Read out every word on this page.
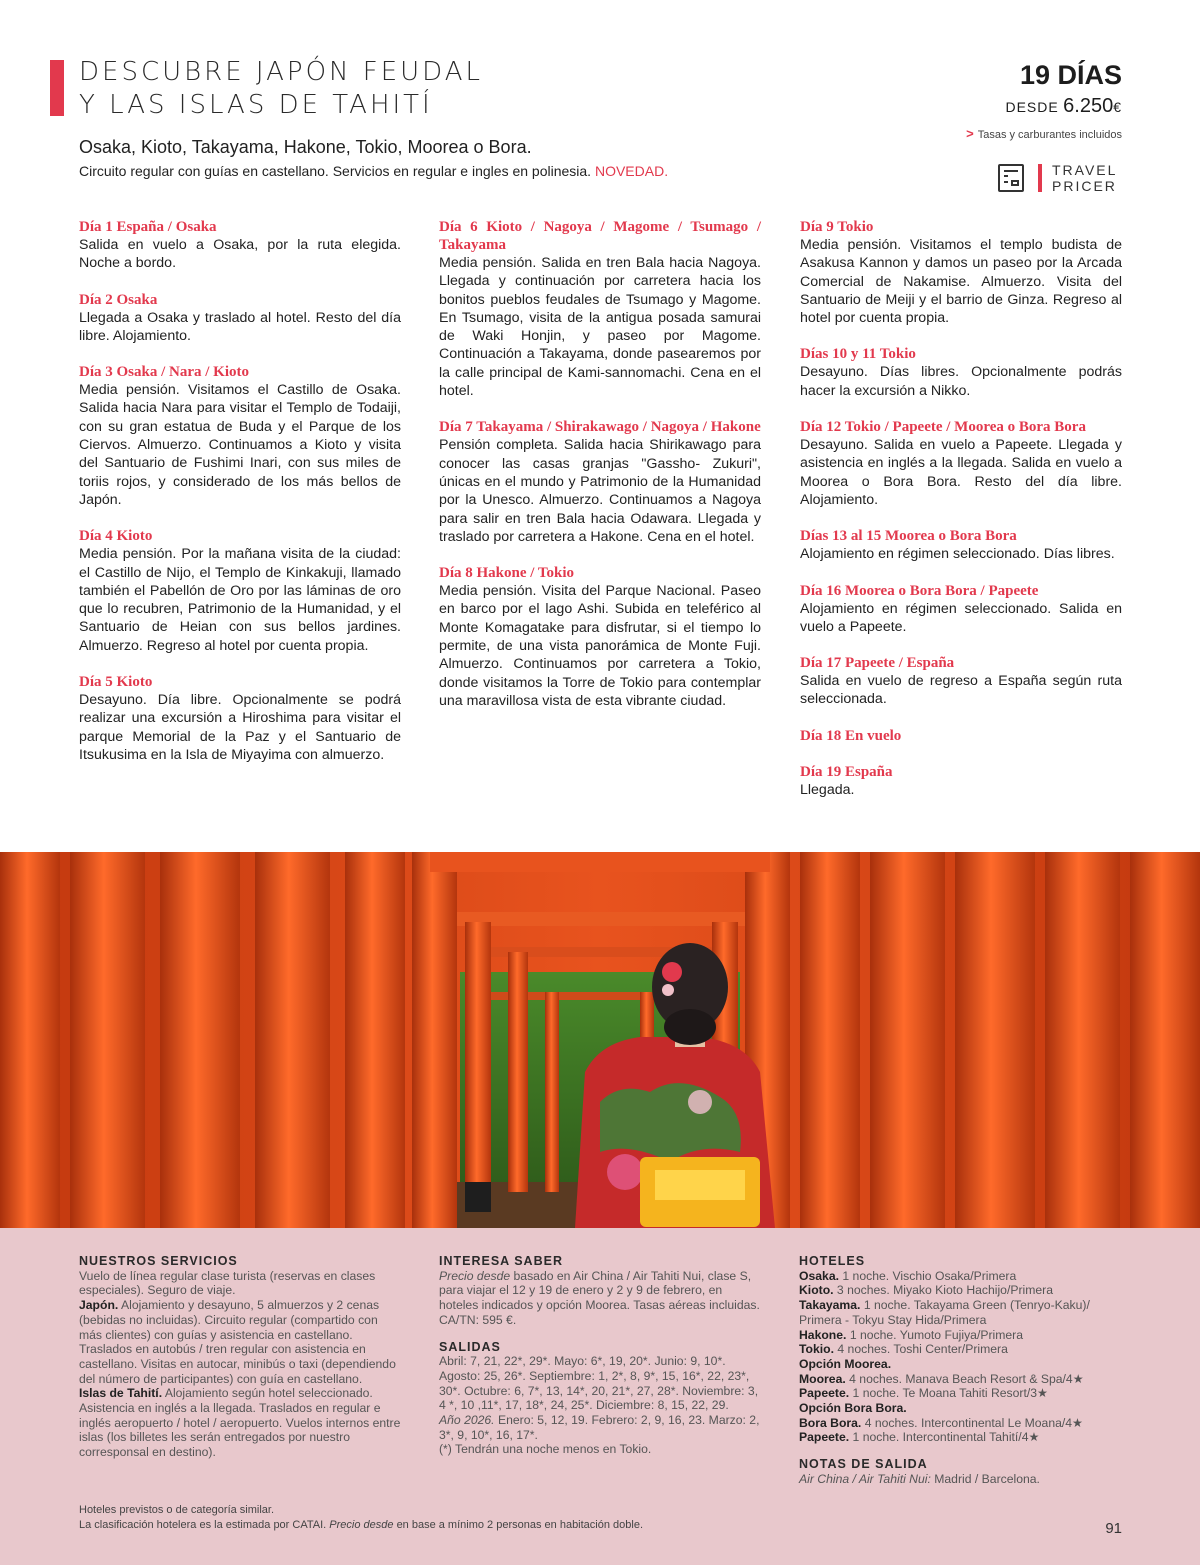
DESCUBRE JAPÓN FEUDAL
Y LAS ISLAS DE TAHITÍ
Osaka, Kioto, Takayama, Hakone, Tokio, Moorea o Bora.
Circuito regular con guías en castellano. Servicios en regular e ingles en polinesia. NOVEDAD.
19 DÍAS
DESDE 6.250€
> Tasas y carburantes incluidos
TRAVEL
PRICER
Día 1 España / Osaka

Salida en vuelo a Osaka, por la ruta elegida. Noche a bordo.

Día 2 Osaka

Llegada a Osaka y traslado al hotel. Resto del día libre. Alojamiento.

Día 3 Osaka / Nara / Kioto

Media pensión. Visitamos el Castillo de Osaka. Salida hacia Nara para visitar el Templo de Todaiji, con su gran estatua de Buda y el Parque de los Ciervos. Almuerzo. Continuamos a Kioto y visita del Santuario de Fushimi Inari, con sus miles de toriis rojos, y considerado de los más bellos de Japón.

Día 4 Kioto

Media pensión. Por la mañana visita de la ciudad: el Castillo de Nijo, el Templo de Kinkakuji, llamado también el Pabellón de Oro por las láminas de oro que lo recubren, Patrimonio de la Humanidad, y el Santuario de Heian con sus bellos jardines. Almuerzo. Regreso al hotel por cuenta propia.

Día 5 Kioto

Desayuno. Día libre. Opcionalmente se podrá realizar una excursión a Hiroshima para visitar el parque Memorial de la Paz y el Santuario de Itsukusima en la Isla de Miyayima con almuerzo.

Día 6 Kioto / Nagoya / Magome / Tsumago / Takayama

Media pensión. Salida en tren Bala hacia Nagoya. Llegada y continuación por carretera hacia los bonitos pueblos feudales de Tsumago y Magome. En Tsumago, visita de la antigua posada samurai de Waki Honjin, y paseo por Magome. Continuación a Takayama, donde pasearemos por la calle principal de Kami-sannomachi. Cena en el hotel.

Día 7 Takayama / Shirakawago / Nagoya / Hakone

Pensión completa. Salida hacia Shirikawago para conocer las casas granjas "Gassho- Zukuri", únicas en el mundo y Patrimonio de la Humanidad por la Unesco. Almuerzo. Continuamos a Nagoya para salir en tren Bala hacia Odawara. Llegada y traslado por carretera a Hakone. Cena en el hotel.

Día 8 Hakone / Tokio

Media pensión. Visita del Parque Nacional. Paseo en barco por el lago Ashi. Subida en teleférico al Monte Komagatake para disfrutar, si el tiempo lo permite, de una vista panorámica de Monte Fuji. Almuerzo. Continuamos por carretera a Tokio, donde visitamos la Torre de Tokio para contemplar una maravillosa vista de esta vibrante ciudad.

Día 9 Tokio

Media pensión. Visitamos el templo budista de Asakusa Kannon y damos un paseo por la Arcada Comercial de Nakamise. Almuerzo. Visita del Santuario de Meiji y el barrio de Ginza. Regreso al hotel por cuenta propia.

Días 10 y 11 Tokio

Desayuno. Días libres. Opcionalmente podrás hacer la excursión a Nikko.

Día 12 Tokio / Papeete / Moorea o Bora Bora

Desayuno. Salida en vuelo a Papeete. Llegada y asistencia en inglés a la llegada. Salida en vuelo a Moorea o Bora Bora. Resto del día libre. Alojamiento.

Días 13 al 15 Moorea o Bora Bora

Alojamiento en régimen seleccionado. Días libres.

Día 16 Moorea o Bora Bora / Papeete

Alojamiento en régimen seleccionado. Salida en vuelo a Papeete.

Día 17 Papeete / España

Salida en vuelo de regreso a España según ruta seleccionada.

Día 18 En vuelo
Día 19 España

Llegada.

NUESTROS SERVICIOS
Vuelo de línea regular clase turista (reservas en clases especiales). Seguro de viaje.
Japón. Alojamiento y desayuno, 5 almuerzos y 2 cenas (bebidas no incluidas). Circuito regular (compartido con más clientes) con guías y asistencia en castellano. Traslados en autobús / tren regular con asistencia en castellano. Visitas en autocar, minibús o taxi (dependiendo del número de participantes) con guía en castellano.
Islas de Tahití. Alojamiento según hotel seleccionado. Asistencia en inglés a la llegada. Traslados en regular e inglés aeropuerto / hotel / aeropuerto. Vuelos internos entre islas (los billetes les serán entregados por nuestro corresponsal en destino).
INTERESA SABER
Precio desde basado en Air China / Air Tahiti Nui, clase S, para viajar el 12 y 19 de enero y 2 y 9 de febrero, en hoteles indicados y opción Moorea. Tasas aéreas incluidas. CA/TN: 595 €.
SALIDAS
Abril: 7, 21, 22*, 29*. Mayo: 6*, 19, 20*. Junio: 9, 10*. Agosto: 25, 26*. Septiembre: 1, 2*, 8, 9*, 15, 16*, 22, 23*, 30*. Octubre: 6, 7*, 13, 14*, 20, 21*, 27, 28*. Noviembre: 3, 4 *, 10 ,11*, 17, 18*, 24, 25*. Diciembre: 8, 15, 22, 29.
Año 2026. Enero: 5, 12, 19. Febrero: 2, 9, 16, 23. Marzo: 2, 3*, 9, 10*, 16, 17*.
(*) Tendrán una noche menos en Tokio.
HOTELES
Osaka. 1 noche. Vischio Osaka/Primera
Kioto. 3 noches. Miyako Kioto Hachijo/Primera
Takayama. 1 noche. Takayama Green (Tenryo-Kaku)/ Primera - Tokyu Stay Hida/Primera
Hakone. 1 noche. Yumoto Fujiya/Primera
Tokio. 4 noches. Toshi Center/Primera
Opción Moorea.
Moorea. 4 noches. Manava Beach Resort & Spa/4★
Papeete. 1 noche. Te Moana Tahiti Resort/3★
Opción Bora Bora.
Bora Bora. 4 noches. Intercontinental Le Moana/4★
Papeete. 1 noche. Intercontinental Tahití/4★
NOTAS DE SALIDA
Air China / Air Tahiti Nui: Madrid / Barcelona.
Hoteles previstos o de categoría similar.
La clasificación hotelera es la estimada por CATAI. Precio desde en base a mínimo 2 personas en habitación doble.	91
